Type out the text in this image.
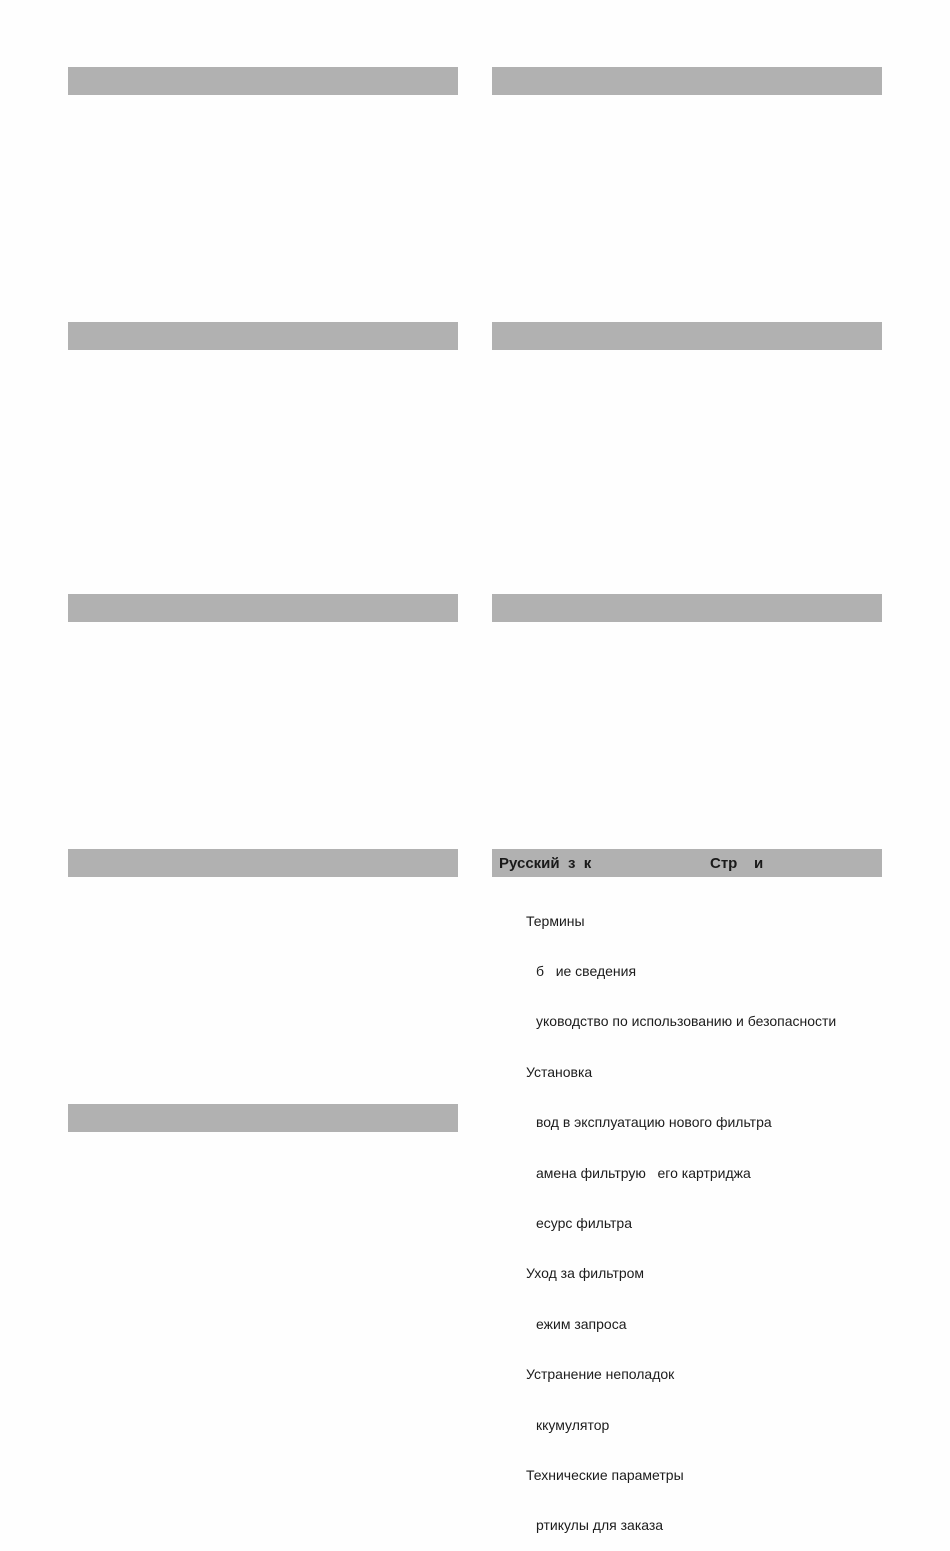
Русский  з  к	Стр    и

Термины

б   ие сведения

уководство по использованию и безопасности

Установка

вод в эксплуатацию нового фильтра

амена фильтрую   его картриджа

есурс фильтра

Уход за фильтром

ежим запроса

Устранение неполадок

ккумулятор

Технические параметры

ртикулы для заказа
